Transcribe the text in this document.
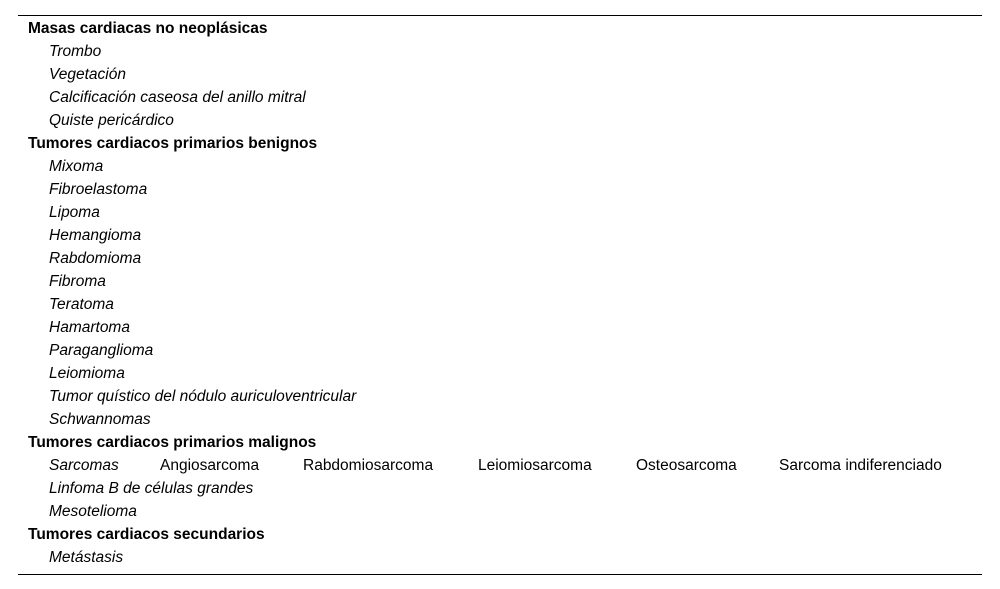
Masas cardiacas no neoplásicas
Trombo
Vegetación
Calcificación caseosa del anillo mitral
Quiste pericárdico
Tumores cardiacos primarios benignos
Mixoma
Fibroelastoma
Lipoma
Hemangioma
Rabdomioma
Fibroma
Teratoma
Hamartoma
Paraganglioma
Leiomioma
Tumor quístico del nódulo auriculoventricular
Schwannomas
Tumores cardiacos primarios malignos
Sarcomas	Angiosarcoma	Rabdomiosarcoma	Leiomiosarcoma	Osteosarcoma	Sarcoma indiferenciado
Linfoma B de células grandes
Mesotelioma
Tumores cardiacos secundarios
Metástasis
